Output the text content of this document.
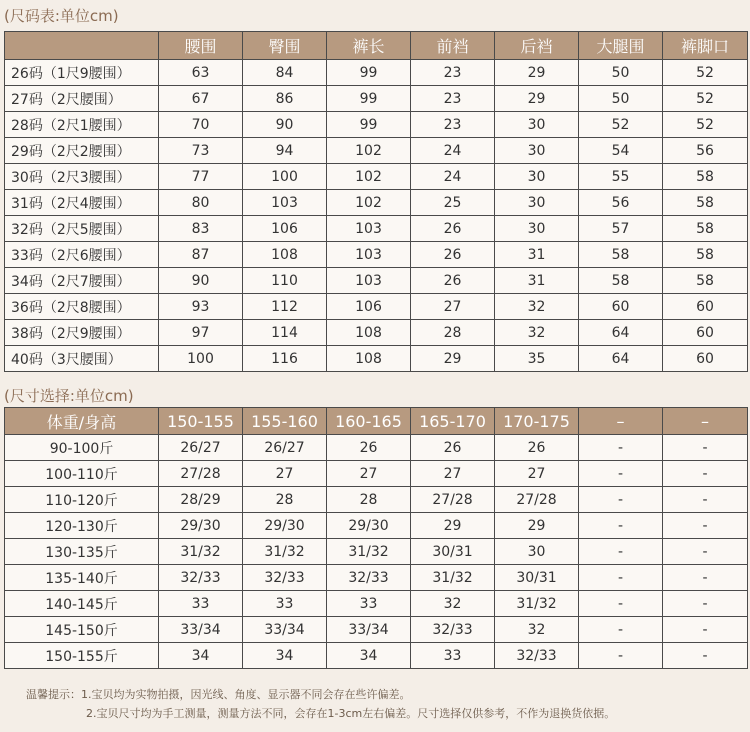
(尺码表:单位cm)
	腰围	臀围	裤长	前裆	后裆	大腿围	裤脚口
26码（1尺9腰围）	63	84	99	23	29	50	52
27码（2尺腰围）	67	86	99	23	29	50	52
28码（2尺1腰围）	70	90	99	23	30	52	52
29码（2尺2腰围）	73	94	102	24	30	54	56
30码（2尺3腰围）	77	100	102	24	30	55	58
31码（2尺4腰围）	80	103	102	25	30	56	58
32码（2尺5腰围）	83	106	103	26	30	57	58
33码（2尺6腰围）	87	108	103	26	31	58	58
34码（2尺7腰围）	90	110	103	26	31	58	58
36码（2尺8腰围）	93	112	106	27	32	60	60
38码（2尺9腰围）	97	114	108	28	32	64	60
40码（3尺腰围）	100	116	108	29	35	64	60
(尺寸选择:单位cm)
体重/身高	150-155	155-160	160-165	165-170	170-175	–	–
90-100斤	26/27	26/27	26	26	26	-	-
100-110斤	27/28	27	27	27	27	-	-
110-120斤	28/29	28	28	27/28	27/28	-	-
120-130斤	29/30	29/30	29/30	29	29	-	-
130-135斤	31/32	31/32	31/32	30/31	30	-	-
135-140斤	32/33	32/33	32/33	31/32	30/31	-	-
140-145斤	33	33	33	32	31/32	-	-
145-150斤	33/34	33/34	33/34	32/33	32	-	-
150-155斤	34	34	34	33	32/33	-	-
温馨提示：1.宝贝均为实物拍摄，因光线、角度、显示器不同会存在些许偏差。
2.宝贝尺寸均为手工测量，测量方法不同，会存在1-3cm左右偏差。尺寸选择仅供参考，不作为退换货依据。
